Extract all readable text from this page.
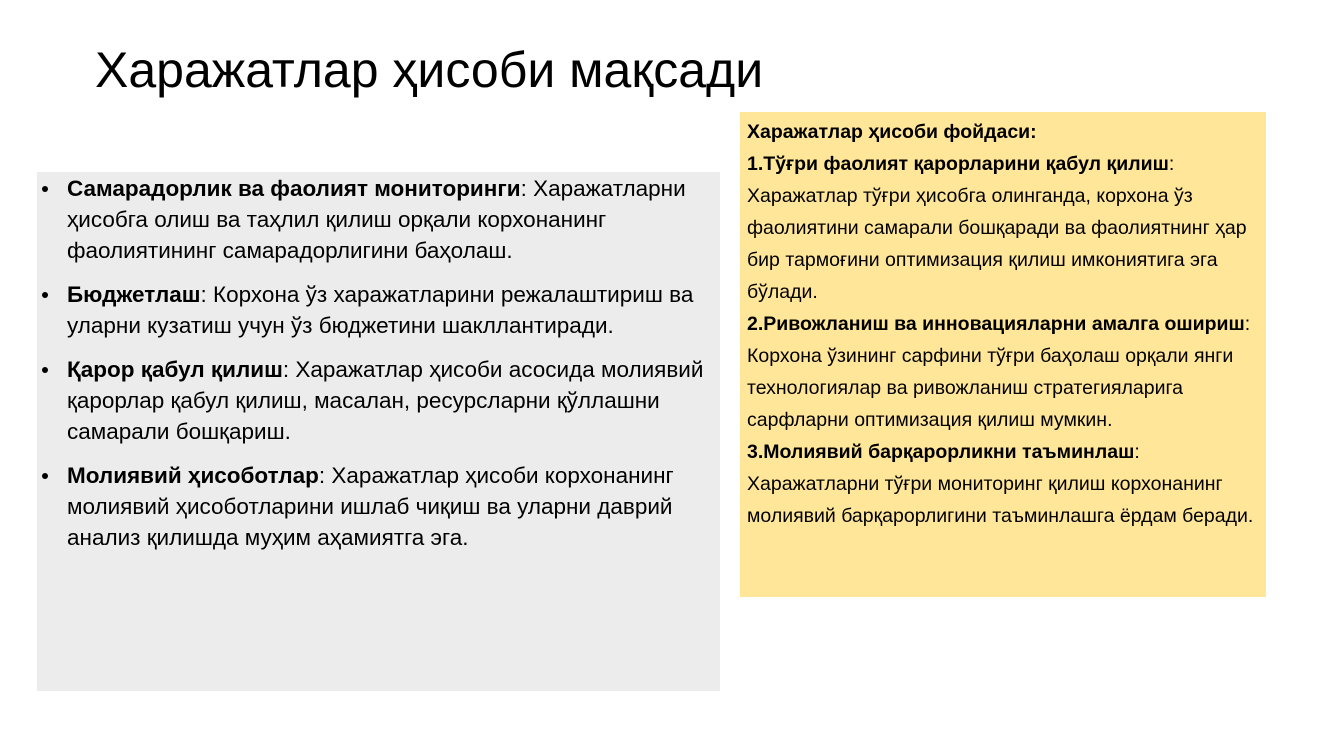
Харажатлар ҳисоби мақсади
Самарадорлик ва фаолият мониторинги: Харажатларни ҳисобга олиш ва таҳлил қилиш орқали корхонанинг фаолиятининг самарадорлигини баҳолаш.
Бюджетлаш: Корхона ўз харажатларини режалаштириш ва уларни кузатиш учун ўз бюджетини шакллантиради.
Қарор қабул қилиш: Харажатлар ҳисоби асосида молиявий қарорлар қабул қилиш, масалан, ресурсларни қўллашни самарали бошқариш.
Молиявий ҳисоботлар: Харажатлар ҳисоби корхонанинг молиявий ҳисоботларини ишлаб чиқиш ва уларни даврий анализ қилишда муҳим аҳамиятга эга.

Харажатлар ҳисоби фойдаси:

1.Тўғри фаолият қарорларини қабул қилиш: Харажатлар тўғри ҳисобга олинганда, корхона ўз фаолиятини самарали бошқаради ва фаолиятнинг ҳар бир тармоғини оптимизация қилиш имкониятига эга бўлади.

2.Ривожланиш ва инновацияларни амалга ошириш: Корхона ўзининг сарфини тўғри баҳолаш орқали янги технологиялар ва ривожланиш стратегияларига сарфларни оптимизация қилиш мумкин.

3.Молиявий барқарорликни таъминлаш: Харажатларни тўғри мониторинг қилиш корхонанинг молиявий барқарорлигини таъминлашга ёрдам беради.
